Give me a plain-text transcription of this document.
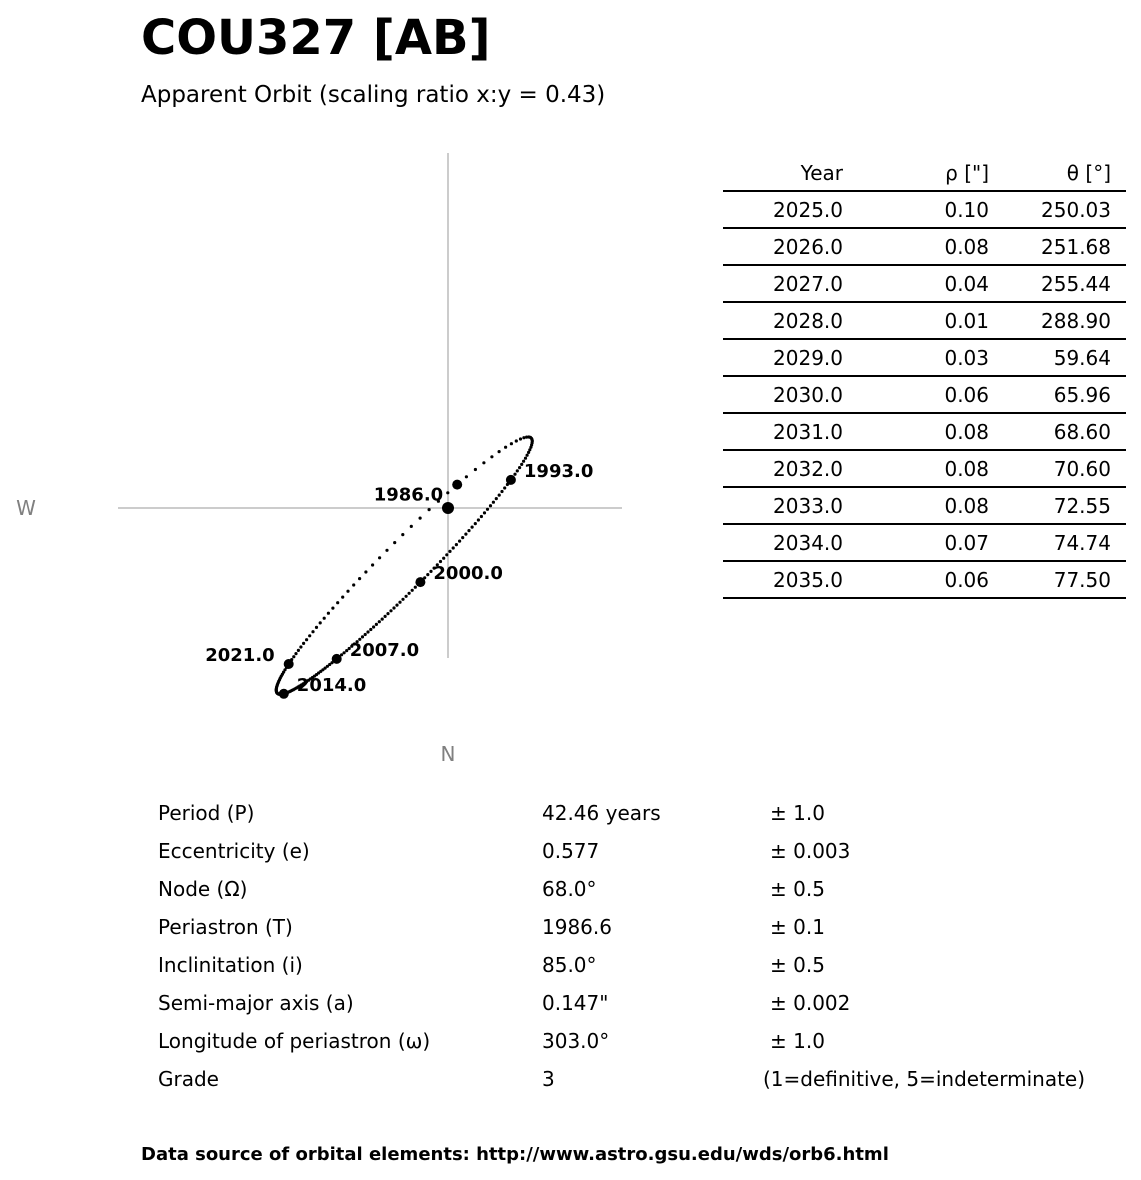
COU327 [AB]
Apparent Orbit (scaling ratio x:y = 0.43)
W
N
1986.0
1993.0
2000.0
2007.0
2014.0
2021.0
Year	ρ ["]	θ [°]
2025.0	0.10	250.03
2026.0	0.08	251.68
2027.0	0.04	255.44
2028.0	0.01	288.90
2029.0	0.03	59.64
2030.0	0.06	65.96
2031.0	0.08	68.60
2032.0	0.08	70.60
2033.0	0.08	72.55
2034.0	0.07	74.74
2035.0	0.06	77.50
Period (P)	42.46 years	± 1.0
Eccentricity (e)	0.577	± 0.003
Node (Ω)	68.0°	± 0.5
Periastron (T)	1986.6	± 0.1
Inclinitation (i)	85.0°	± 0.5
Semi-major axis (a)	0.147"	± 0.002
Longitude of periastron (ω)	303.0°	± 1.0
Grade	3	(1=definitive, 5=indeterminate)
Data source of orbital elements: http://www.astro.gsu.edu/wds/orb6.html
